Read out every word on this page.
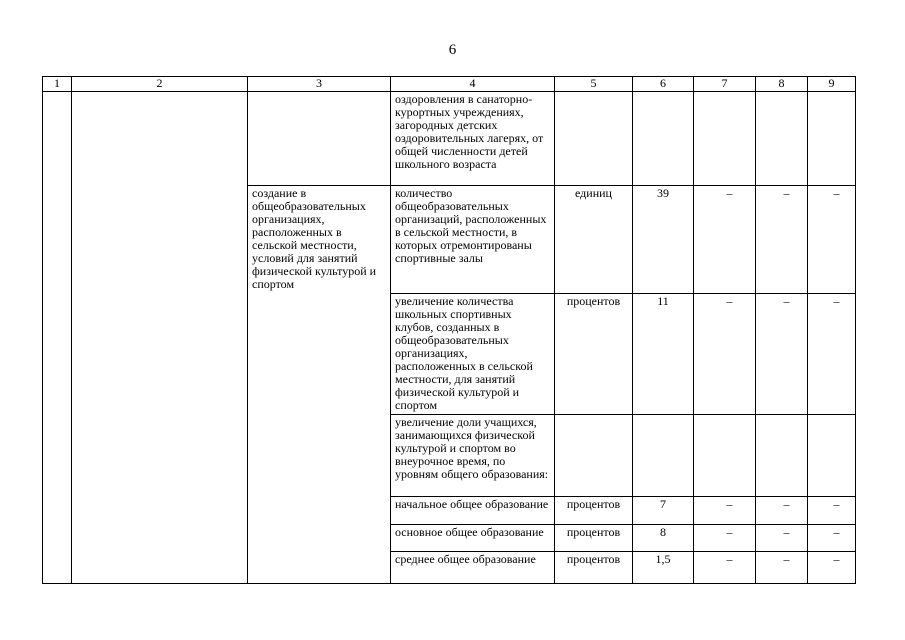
6
1	2	3	4	5	6	7	8	9
			оздоровления в санаторно-курортных учреждениях, загородных детских оздоровительных лагерях, от общей численности детей школьного возраста					
		создание в общеобразовательных организациях, расположенных в сельской местности, условий для занятий физической культурой и спортом	количество общеобразовательных организаций, расположенных в сельской местности, в которых отремонтированы спортивные залы	единиц	39	–	–	–
			увеличение количества школьных спортивных клубов, созданных в общеобразовательных организациях, расположенных в сельской местности, для занятий физической культурой и спортом	процентов	11	–	–	–
			увеличение доли учащихся, занимающихся физической культурой и спортом во внеурочное время, по уровням общего образования:					
			начальное общее образование	процентов	7	–	–	–
			основное общее образование	процентов	8	–	–	–
			среднее общее образование	процентов	1,5	–	–	–
